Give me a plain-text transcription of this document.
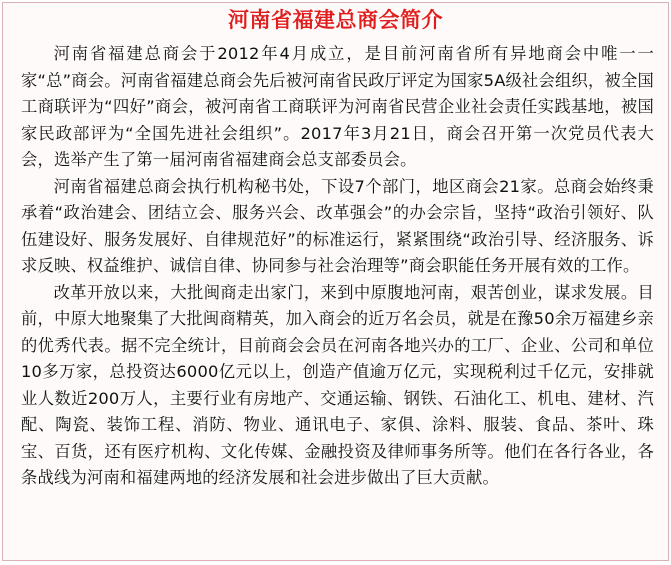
河南省福建总商会简介

河南省福建总商会于2012年4月成立，是目前河南省所有异地商会中唯一一家“总”商会。河南省福建总商会先后被河南省民政厅评定为国家5A级社会组织，被全国工商联评为“四好”商会，被河南省工商联评为河南省民营企业社会责任实践基地，被国家民政部评为“全国先进社会组织”。2017年3月21日，商会召开第一次党员代表大会，选举产生了第一届河南省福建商会总支部委员会。

河南省福建总商会执行机构秘书处，下设7个部门，地区商会21家。总商会始终秉承着“政治建会、团结立会、服务兴会、改革强会”的办会宗旨，坚持“政治引领好、队伍建设好、服务发展好、自律规范好”的标准运行，紧紧围绕“政治引导、经济服务、诉求反映、权益维护、诚信自律、协同参与社会治理等”商会职能任务开展有效的工作。

改革开放以来，大批闽商走出家门，来到中原腹地河南，艰苦创业，谋求发展。目前，中原大地聚集了大批闽商精英，加入商会的近万名会员，就是在豫50余万福建乡亲的优秀代表。据不完全统计，目前商会会员在河南各地兴办的工厂、企业、公司和单位10多万家，总投资达6000亿元以上，创造产值逾万亿元，实现税利过千亿元，安排就业人数近200万人，主要行业有房地产、交通运输、钢铁、石油化工、机电、建材、汽配、陶瓷、装饰工程、消防、物业、通讯电子、家俱、涂料、服装、食品、茶叶、珠宝、百货，还有医疗机构、文化传媒、金融投资及律师事务所等。他们在各行各业，各条战线为河南和福建两地的经济发展和社会进步做出了巨大贡献。
